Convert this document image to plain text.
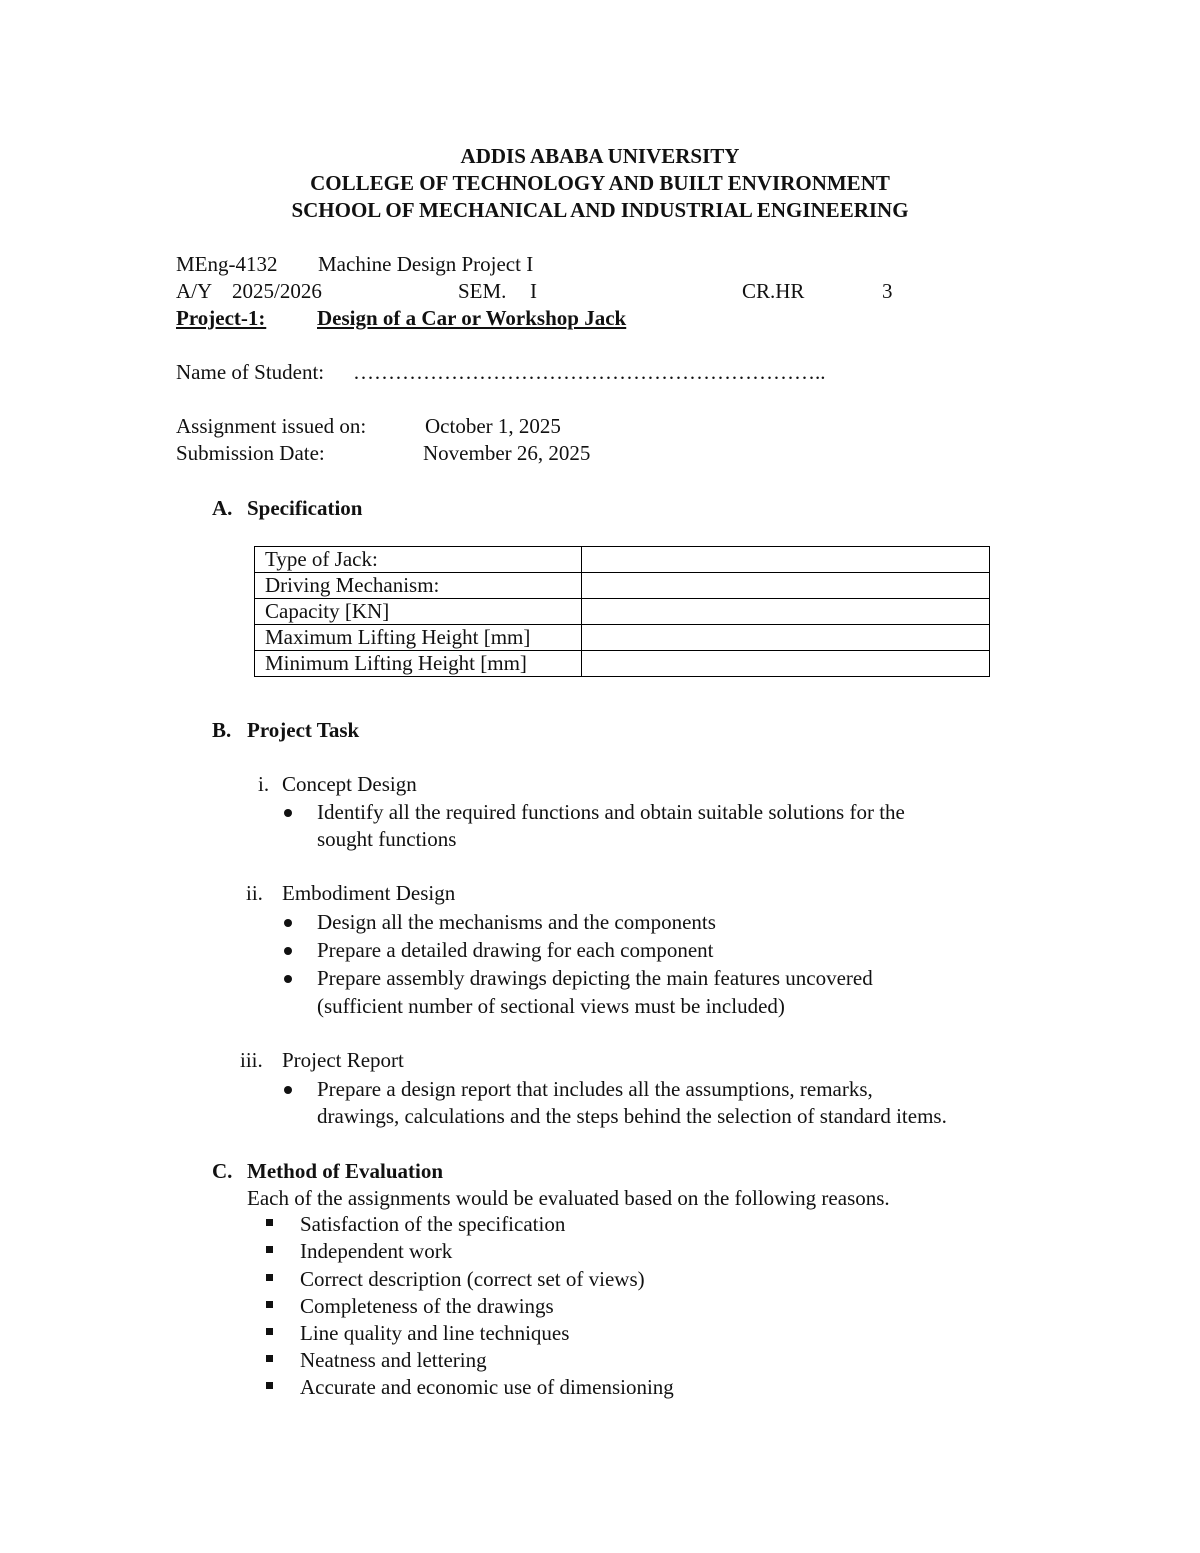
ADDIS ABABA UNIVERSITY
COLLEGE OF TECHNOLOGY AND BUILT ENVIRONMENT
SCHOOL OF MECHANICAL AND INDUSTRIAL ENGINEERING
MEng-4132 Machine Design Project I
A/Y 2025/2026	SEM. I	CR.HR	3
Project-1:
Design of a Car or Workshop Jack
Name of Student: …………………………………………………………..
Assignment issued on:	October 1, 2025
Submission Date:	November 26, 2025
A. Specification
Type of Jack:	
Driving Mechanism:	
Capacity [KN]	
Maximum Lifting Height [mm]	
Minimum Lifting Height [mm]	
B. Project Task
i. Concept Design
Identify all the required functions and obtain suitable solutions for the
sought functions
ii. Embodiment Design
Design all the mechanisms and the components
Prepare a detailed drawing for each component
Prepare assembly drawings depicting the main features uncovered
(sufficient number of sectional views must be included)
iii. Project Report
Prepare a design report that includes all the assumptions, remarks,
drawings, calculations and the steps behind the selection of standard items.
C. Method of Evaluation
Each of the assignments would be evaluated based on the following reasons.
Satisfaction of the specification
Independent work
Correct description (correct set of views)
Completeness of the drawings
Line quality and line techniques
Neatness and lettering
Accurate and economic use of dimensioning
